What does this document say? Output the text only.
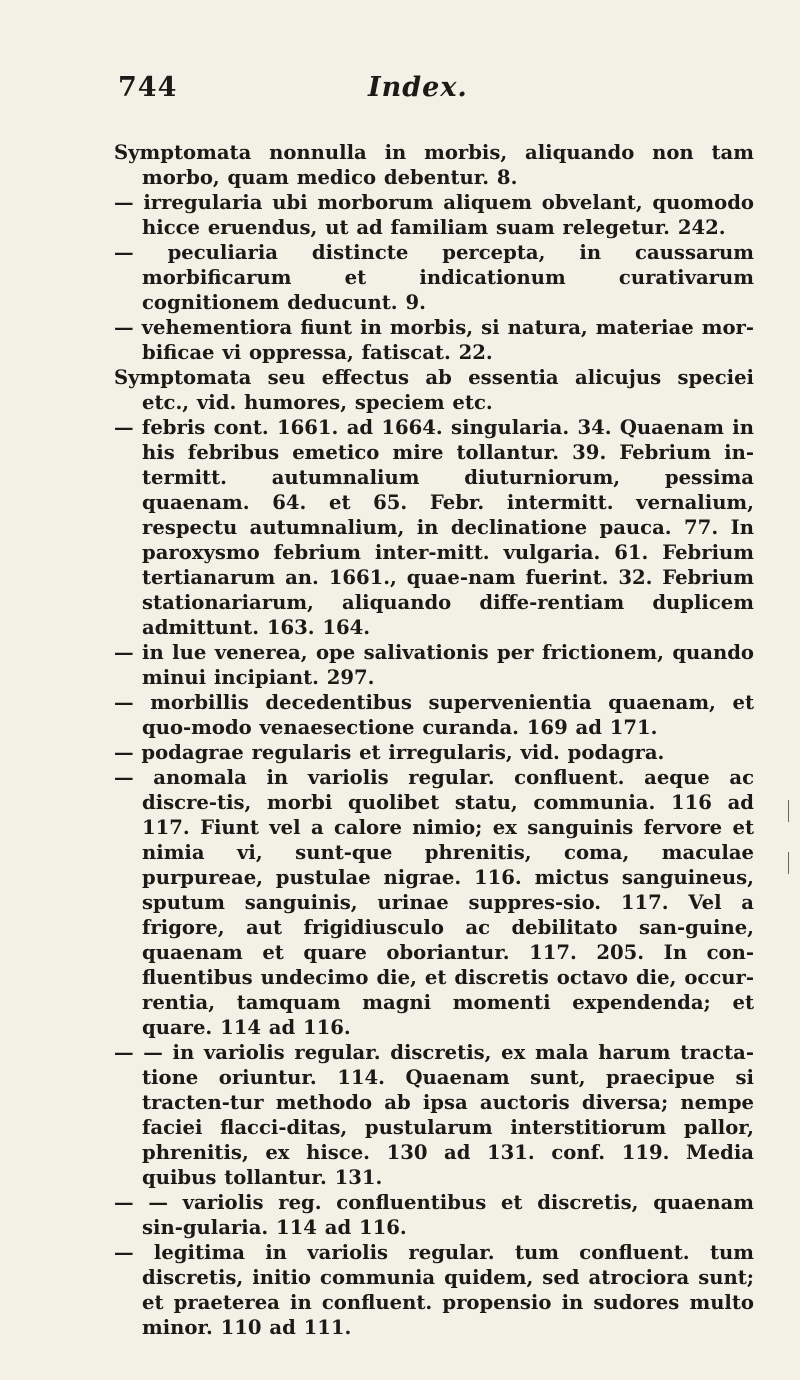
744	Index.

Symptomata nonnulla in morbis, aliquando non tam morbo, quam medico debentur. 8.

— irregularia ubi morborum aliquem obvelant, quomodo hicce eruendus, ut ad familiam suam relegetur. 242.

— peculiaria distincte percepta, in caussarum morbificarum et indicationum curativarum cognitionem deducunt. 9.

— vehementiora fiunt in morbis, si natura, materiae mor-bificae vi oppressa, fatiscat. 22.

Symptomata seu effectus ab essentia alicujus speciei etc., vid. humores, speciem etc.

— febris cont. 1661. ad 1664. singularia. 34. Quaenam in his febribus emetico mire tollantur. 39. Febrium in-termitt. autumnalium diuturniorum, pessima quaenam. 64. et 65. Febr. intermitt. vernalium, respectu autumnalium, in declinatione pauca. 77. In paroxysmo febrium inter-mitt. vulgaria. 61. Febrium tertianarum an. 1661., quae-nam fuerint. 32. Febrium stationariarum, aliquando diffe-rentiam duplicem admittunt. 163. 164.

— in lue venerea, ope salivationis per frictionem, quando minui incipiant. 297.

— morbillis decedentibus supervenientia quaenam, et quo-modo venaesectione curanda. 169 ad 171.

— podagrae regularis et irregularis, vid. podagra.

— anomala in variolis regular. confluent. aeque ac discre-tis, morbi quolibet statu, communia. 116 ad 117. Fiunt vel a calore nimio; ex sanguinis fervore et nimia vi, sunt-que phrenitis, coma, maculae purpureae, pustulae nigrae. 116. mictus sanguineus, sputum sanguinis, urinae suppres-sio. 117. Vel a frigore, aut frigidiusculo ac debilitato san-guine, quaenam et quare oboriantur. 117. 205. In con-fluentibus undecimo die, et discretis octavo die, occur-rentia, tamquam magni momenti expendenda; et quare. 114 ad 116.

— — in variolis regular. discretis, ex mala harum tracta-tione oriuntur. 114. Quaenam sunt, praecipue si tracten-tur methodo ab ipsa auctoris diversa; nempe faciei flacci-ditas, pustularum interstitiorum pallor, phrenitis, ex hisce. 130 ad 131. conf. 119. Media quibus tollantur. 131.

— — variolis reg. confluentibus et discretis, quaenam sin-gularia. 114 ad 116.

— legitima in variolis regular. tum confluent. tum discretis, initio communia quidem, sed atrociora sunt; et praeterea in confluent. propensio in sudores multo minor. 110 ad 111.
